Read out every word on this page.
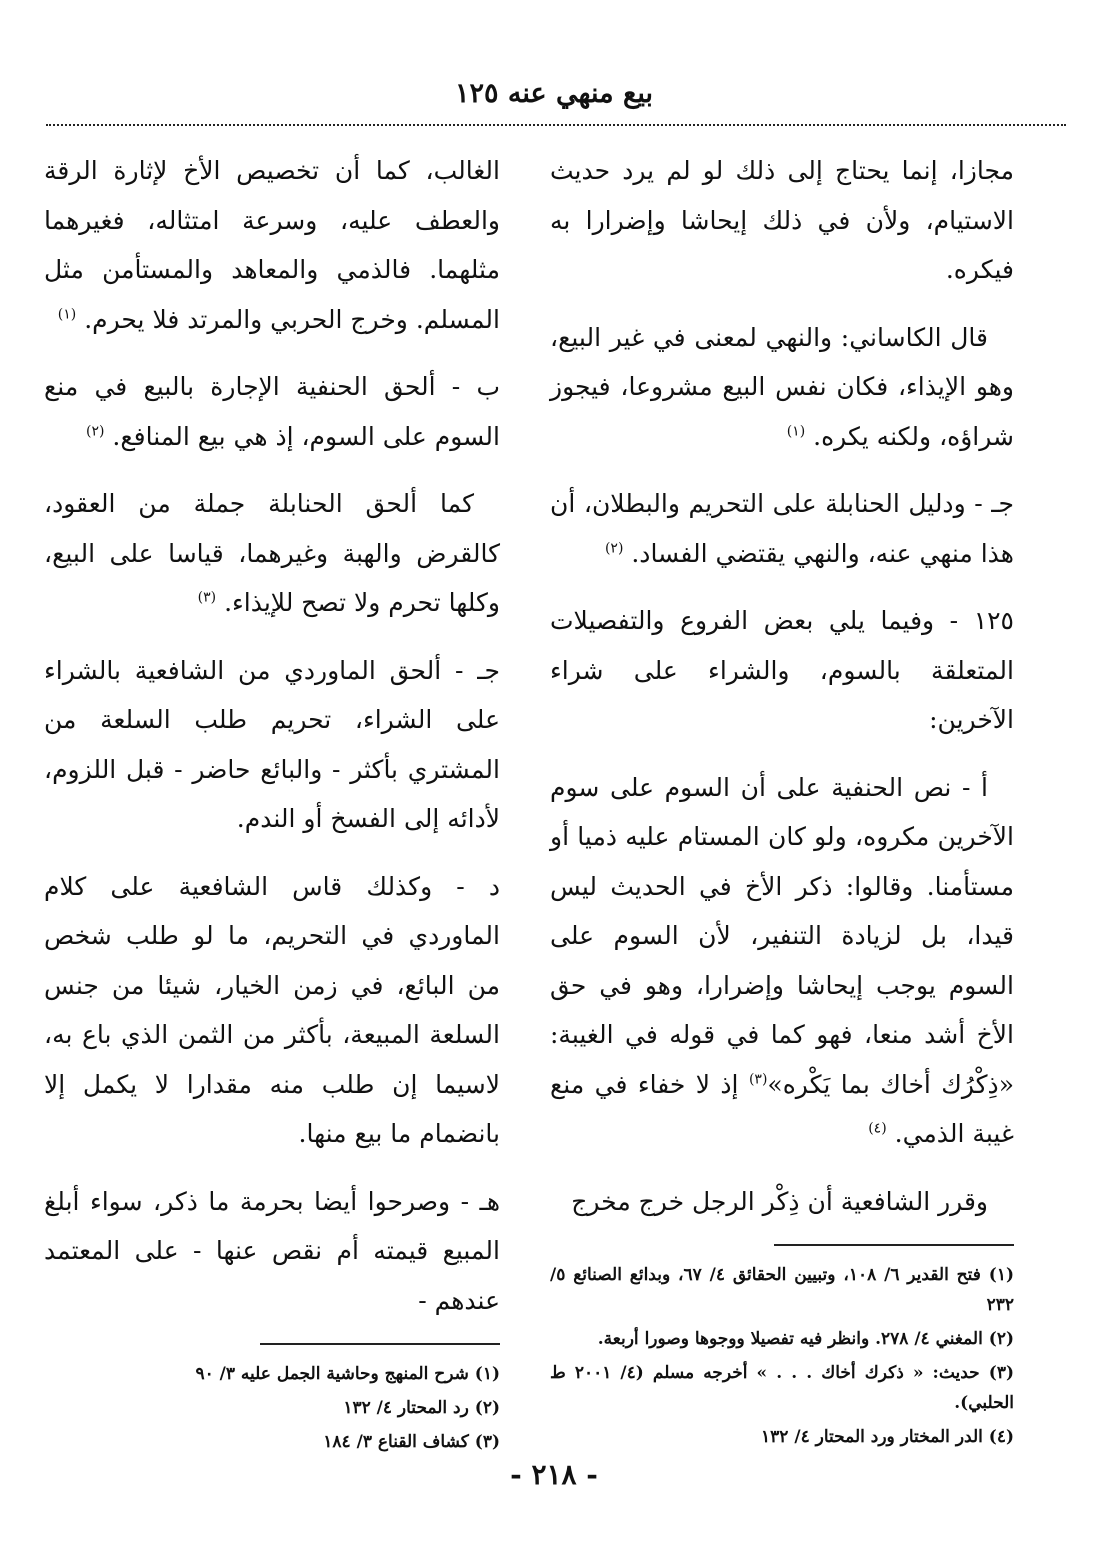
بيع منهي عنه ١٢٥

مجازا، إنما يحتاج إلى ذلك لو لم يرد حديث الاستيام، ولأن في ذلك إيحاشا وإضرارا به فيكره.

قال الكاساني: والنهي لمعنى في غير البيع، وهو الإيذاء، فكان نفس البيع مشروعا، فيجوز شراؤه، ولكنه يكره. $^{(١)}$

جـ - ودليل الحنابلة على التحريم والبطلان، أن هذا منهي عنه، والنهي يقتضي الفساد. $^{(٢)}$

١٢٥ - وفيما يلي بعض الفروع والتفصيلات المتعلقة بالسوم، والشراء على شراء الآخرين:

أ - نص الحنفية على أن السوم على سوم الآخرين مكروه، ولو كان المستام عليه ذميا أو مستأمنا. وقالوا: ذكر الأخ في الحديث ليس قيدا، بل لزيادة التنفير، لأن السوم على السوم يوجب إيحاشا وإضرارا، وهو في حق الأخ أشد منعا، فهو كما في قوله في الغيبة: «ذِكْرُك أخاك بما يَكْره»$^{(٣)}$ إذ لا خفاء في منع غيبة الذمي. $^{(٤)}$

وقرر الشافعية أن ذِكْر الرجل خرج مخرج

(١) فتح القدير ٦/ ١٠٨، وتبيين الحقائق ٤/ ٦٧، وبدائع الصنائع ٥/ ٢٣٢
(٢) المغني ٤/ ٢٧٨. وانظر فيه تفصيلا ووجوها وصورا أربعة.
(٣) حديث: « ذكرك أخاك . . . » أخرجه مسلم (٤/ ٢٠٠١ ط الحلبي).
(٤) الدر المختار ورد المحتار ٤/ ١٣٢

الغالب، كما أن تخصيص الأخ لإثارة الرقة والعطف عليه، وسرعة امتثاله، فغيرهما مثلهما. فالذمي والمعاهد والمستأمن مثل المسلم. وخرج الحربي والمرتد فلا يحرم. $^{(١)}$

ب - ألحق الحنفية الإجارة بالبيع في منع السوم على السوم، إذ هي بيع المنافع. $^{(٢)}$

كما ألحق الحنابلة جملة من العقود، كالقرض والهبة وغيرهما، قياسا على البيع، وكلها تحرم ولا تصح للإيذاء. $^{(٣)}$

جـ - ألحق الماوردي من الشافعية بالشراء على الشراء، تحريم طلب السلعة من المشتري بأكثر - والبائع حاضر - قبل اللزوم، لأدائه إلى الفسخ أو الندم.

د - وكذلك قاس الشافعية على كلام الماوردي في التحريم، ما لو طلب شخص من البائع، في زمن الخيار، شيئا من جنس السلعة المبيعة، بأكثر من الثمن الذي باع به، لاسيما إن طلب منه مقدارا لا يكمل إلا بانضمام ما بيع منها.

هـ - وصرحوا أيضا بحرمة ما ذكر، سواء أبلغ المبيع قيمته أم نقص عنها - على المعتمد عندهم -

(١) شرح المنهج وحاشية الجمل عليه ٣/ ٩٠
(٢) رد المحتار ٤/ ١٣٢
(٣) كشاف القناع ٣/ ١٨٤
- ٢١٨ -
